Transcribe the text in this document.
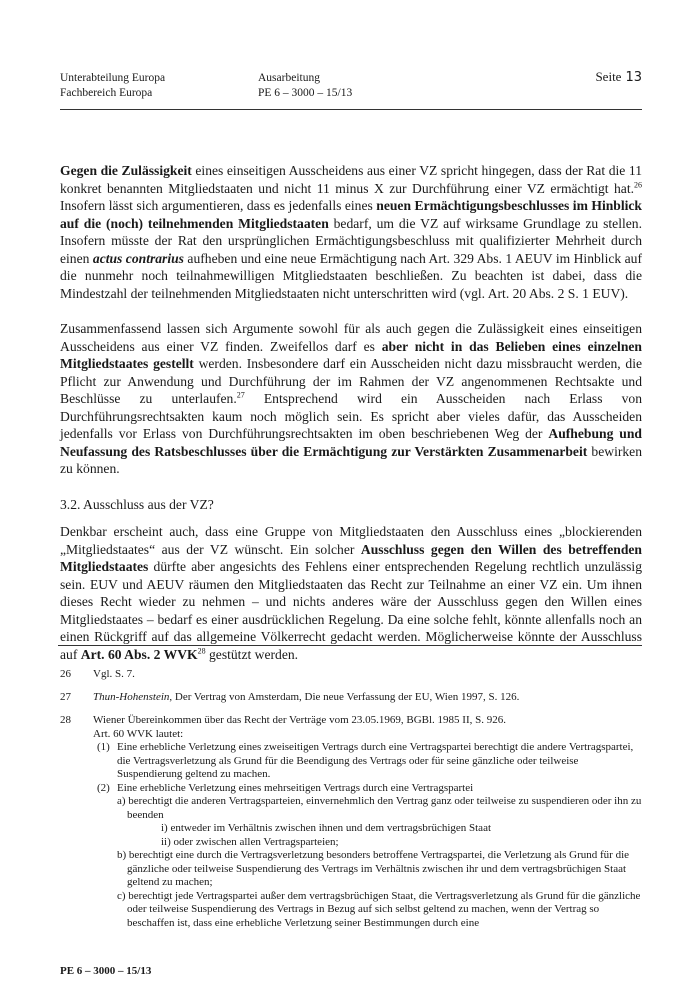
Unterabteilung Europa
Fachbereich Europa
Ausarbeitung
PE 6 – 3000 – 15/13
Seite 13

Gegen die Zulässigkeit eines einseitigen Ausscheidens aus einer VZ spricht hingegen, dass der Rat die 11 konkret benannten Mitgliedstaaten und nicht 11 minus X zur Durchführung einer VZ ermächtigt hat.$^{26}$ Insofern lässt sich argumentieren, dass es jedenfalls eines neuen Ermächtigungsbeschlusses im Hinblick auf die (noch) teilnehmenden Mitgliedstaaten bedarf, um die VZ auf wirksame Grundlage zu stellen. Insofern müsste der Rat den ursprünglichen Ermächtigungsbeschluss mit qualifizierter Mehrheit durch einen actus contrarius aufheben und eine neue Ermächtigung nach Art. 329 Abs. 1 AEUV im Hinblick auf die nunmehr noch teilnahmewilligen Mitgliedstaaten beschließen. Zu beachten ist dabei, dass die Mindestzahl der teilnehmenden Mitgliedstaaten nicht unterschritten wird (vgl. Art. 20 Abs. 2 S. 1 EUV).

Zusammenfassend lassen sich Argumente sowohl für als auch gegen die Zulässigkeit eines einseitigen Ausscheidens aus einer VZ finden. Zweifellos darf es aber nicht in das Belieben eines einzelnen Mitgliedstaates gestellt werden. Insbesondere darf ein Ausscheiden nicht dazu missbraucht werden, die Pflicht zur Anwendung und Durchführung der im Rahmen der VZ angenommenen Rechtsakte und Beschlüsse zu unterlaufen.$^{27}$ Entsprechend wird ein Ausscheiden nach Erlass von Durchführungsrechtsakten kaum noch möglich sein. Es spricht aber vieles dafür, das Ausscheiden jedenfalls vor Erlass von Durchführungsrechtsakten im oben beschriebenen Weg der Aufhebung und Neufassung des Ratsbeschlusses über die Ermächtigung zur Verstärkten Zusammenarbeit bewirken zu können.

3.2. Ausschluss aus der VZ?

Denkbar erscheint auch, dass eine Gruppe von Mitgliedstaaten den Ausschluss eines „blockierenden „Mitgliedstaates“ aus der VZ wünscht. Ein solcher Ausschluss gegen den Willen des betreffenden Mitgliedstaates dürfte aber angesichts des Fehlens einer entsprechenden Regelung rechtlich unzulässig sein. EUV und AEUV räumen den Mitgliedstaaten das Recht zur Teilnahme an einer VZ ein. Um ihnen dieses Recht wieder zu nehmen – und nichts anderes wäre der Ausschluss gegen den Willen eines Mitgliedstaates – bedarf es einer ausdrücklichen Regelung. Da eine solche fehlt, könnte allenfalls noch an einen Rückgriff auf das allgemeine Völkerrecht gedacht werden. Möglicherweise könnte der Ausschluss auf Art. 60 Abs. 2 WVK$^{28}$ gestützt werden.

26	Vgl. S. 7.
27	Thun-Hohenstein, Der Vertrag von Amsterdam, Die neue Verfassung der EU, Wien 1997, S. 126.
28	Wiener Übereinkommen über das Recht der Verträge vom 23.05.1969, BGBl. 1985 II, S. 926.
Art. 60 WVK lautet:
(1) Eine erhebliche Verletzung eines zweiseitigen Vertrags durch eine Vertragspartei berechtigt die andere Vertragspartei, die Vertragsverletzung als Grund für die Beendigung des Vertrags oder für seine gänzliche oder teilweise Suspendierung geltend zu machen.
(2) Eine erhebliche Verletzung eines mehrseitigen Vertrags durch eine Vertragspartei
a) berechtigt die anderen Vertragsparteien, einvernehmlich den Vertrag ganz oder teilweise zu suspendieren oder ihn zu beenden
i) entweder im Verhältnis zwischen ihnen und dem vertragsbrüchigen Staat
ii) oder zwischen allen Vertragsparteien;
b) berechtigt eine durch die Vertragsverletzung besonders betroffene Vertragspartei, die Verletzung als Grund für die gänzliche oder teilweise Suspendierung des Vertrags im Verhältnis zwischen ihr und dem vertragsbrüchigen Staat geltend zu machen;
c) berechtigt jede Vertragspartei außer dem vertragsbrüchigen Staat, die Vertragsverletzung als Grund für die gänzliche oder teilweise Suspendierung des Vertrags in Bezug auf sich selbst geltend zu machen, wenn der Vertrag so beschaffen ist, dass eine erhebliche Verletzung seiner Bestimmungen durch eine
PE 6 – 3000 – 15/13
